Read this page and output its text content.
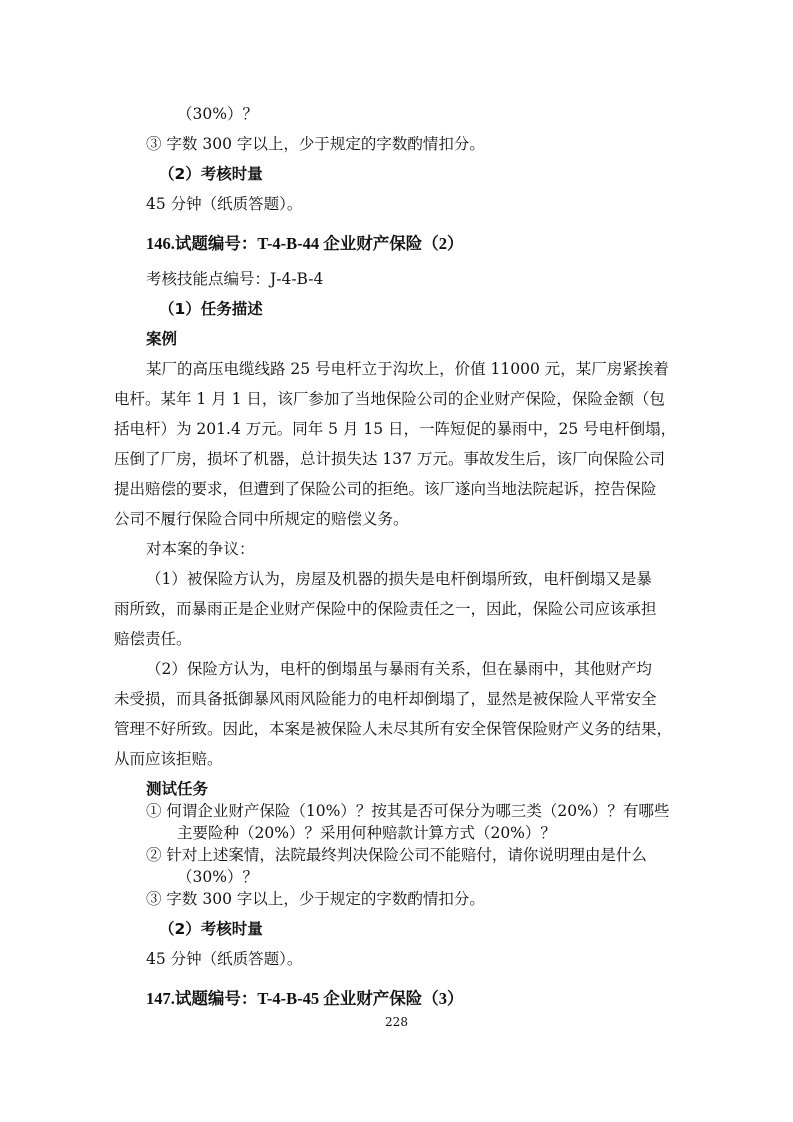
（30%）？
③ 字数 300 字以上，少于规定的字数酌情扣分。
（2）考核时量
45 分钟（纸质答题）。
146.试题编号：T-4-B-44 企业财产保险（2）
考核技能点编号：J-4-B-4
（1）任务描述
案例
某厂的高压电缆线路 25 号电杆立于沟坎上，价值 11000 元，某厂房紧挨着
电杆。某年 1 月 1 日，该厂参加了当地保险公司的企业财产保险，保险金额（包
括电杆）为 201.4 万元。同年 5 月 15 日，一阵短促的暴雨中，25 号电杆倒塌，
压倒了厂房，损坏了机器，总计损失达 137 万元。事故发生后，该厂向保险公司
提出赔偿的要求，但遭到了保险公司的拒绝。该厂遂向当地法院起诉，控告保险
公司不履行保险合同中所规定的赔偿义务。
对本案的争议：
（1）被保险方认为，房屋及机器的损失是电杆倒塌所致，电杆倒塌又是暴
雨所致，而暴雨正是企业财产保险中的保险责任之一，因此，保险公司应该承担
赔偿责任。
（2）保险方认为，电杆的倒塌虽与暴雨有关系，但在暴雨中，其他财产均
未受损，而具备抵御暴风雨风险能力的电杆却倒塌了，显然是被保险人平常安全
管理不好所致。因此，本案是被保险人未尽其所有安全保管保险财产义务的结果，
从而应该拒赔。
测试任务
① 何谓企业财产保险（10%）？按其是否可保分为哪三类（20%）？有哪些
主要险种（20%）？采用何种赔款计算方式（20%）？
② 针对上述案情，法院最终判决保险公司不能赔付，请你说明理由是什么
（30%）？
③ 字数 300 字以上，少于规定的字数酌情扣分。
（2）考核时量
45 分钟（纸质答题）。
147.试题编号：T-4-B-45 企业财产保险（3）
228
